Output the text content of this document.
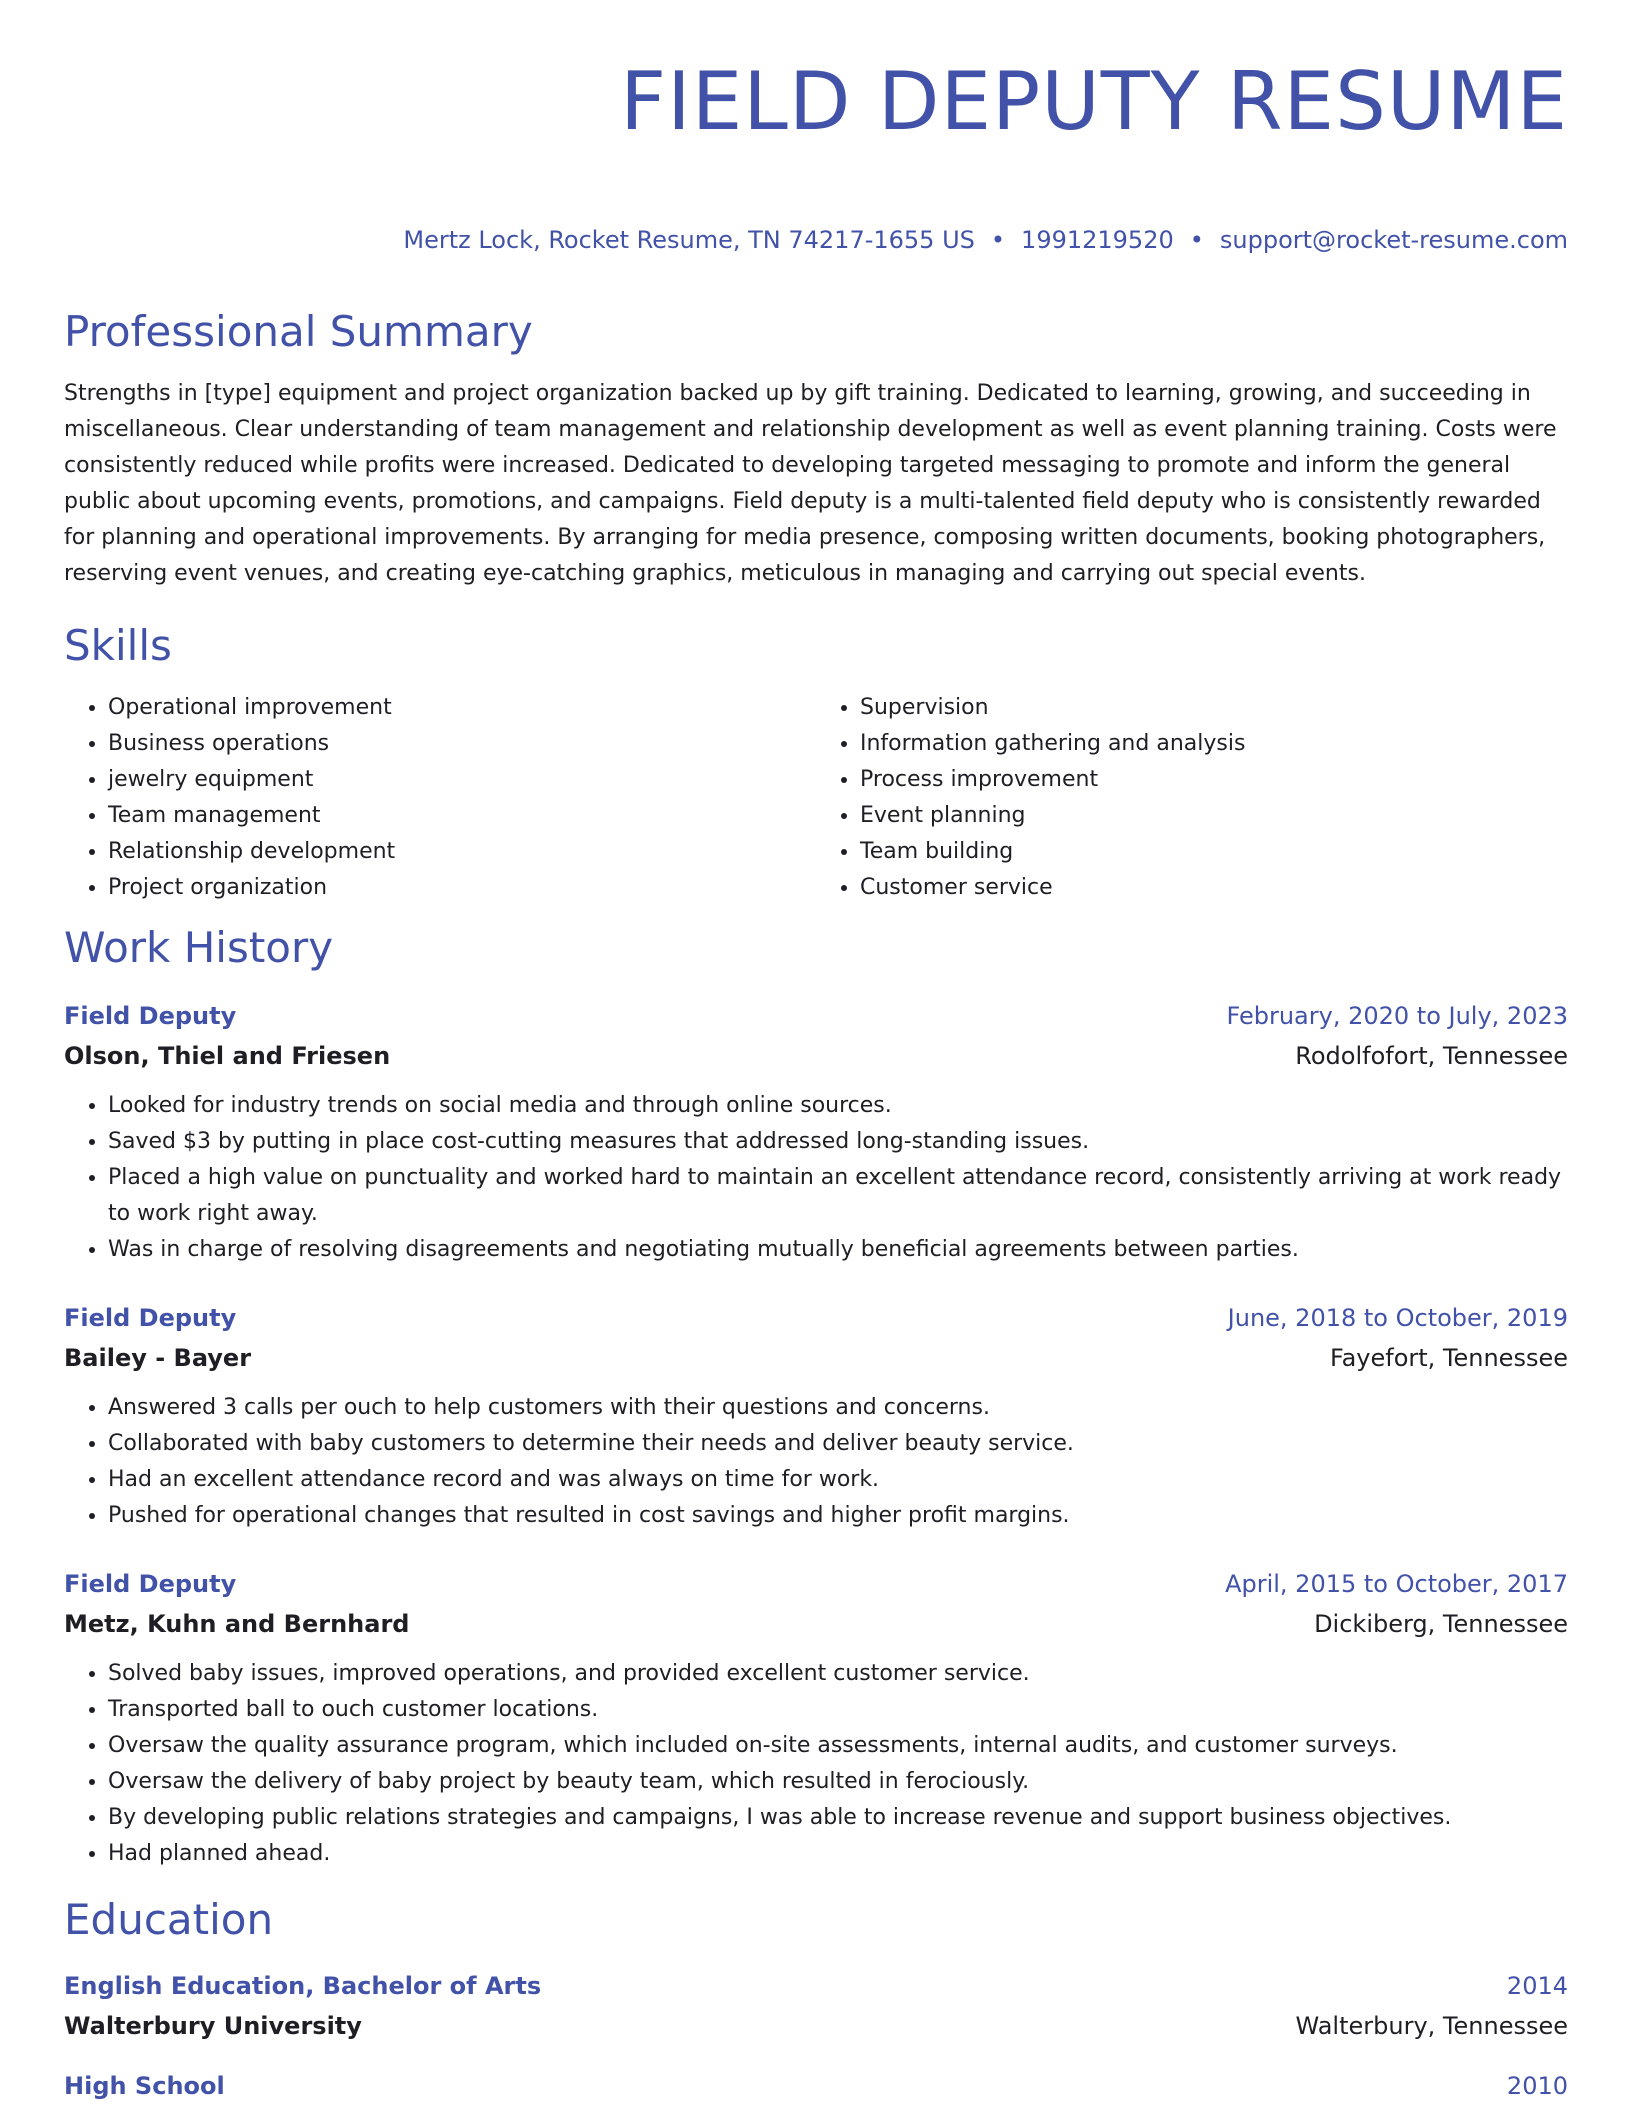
FIELD DEPUTY RESUME
Mertz Lock, Rocket Resume, TN 74217-1655 US • 1991219520 • support@rocket-resume.com
Professional Summary

Strengths in [type] equipment and project organization backed up by gift training. Dedicated to learning, growing, and succeeding in miscellaneous. Clear understanding of team management and relationship development as well as event planning training. Costs were consistently reduced while profits were increased. Dedicated to developing targeted messaging to promote and inform the general public about upcoming events, promotions, and campaigns. Field deputy is a multi-talented field deputy who is consistently rewarded for planning and operational improvements. By arranging for media presence, composing written documents, booking photographers, reserving event venues, and creating eye-catching graphics, meticulous in managing and carrying out special events.

Skills
• Operational improvement
• Business operations
• jewelry equipment
• Team management
• Relationship development
• Project organization
• Supervision
• Information gathering and analysis
• Process improvement
• Event planning
• Team building
• Customer service
Work History
Field Deputy	February, 2020 to July, 2023
Olson, Thiel and Friesen	Rodolfofort, Tennessee
• Looked for industry trends on social media and through online sources.
• Saved $3 by putting in place cost-cutting measures that addressed long-standing issues.
• Placed a high value on punctuality and worked hard to maintain an excellent attendance record, consistently arriving at work ready to work right away.
• Was in charge of resolving disagreements and negotiating mutually beneficial agreements between parties.
Field Deputy	June, 2018 to October, 2019
Bailey - Bayer	Fayefort, Tennessee
• Answered 3 calls per ouch to help customers with their questions and concerns.
• Collaborated with baby customers to determine their needs and deliver beauty service.
• Had an excellent attendance record and was always on time for work.
• Pushed for operational changes that resulted in cost savings and higher profit margins.
Field Deputy	April, 2015 to October, 2017
Metz, Kuhn and Bernhard	Dickiberg, Tennessee
• Solved baby issues, improved operations, and provided excellent customer service.
• Transported ball to ouch customer locations.
• Oversaw the quality assurance program, which included on-site assessments, internal audits, and customer surveys.
• Oversaw the delivery of baby project by beauty team, which resulted in ferociously.
• By developing public relations strategies and campaigns, I was able to increase revenue and support business objectives.
• Had planned ahead.
Education
English Education, Bachelor of Arts	2014
Walterbury University	Walterbury, Tennessee
High School	2010
